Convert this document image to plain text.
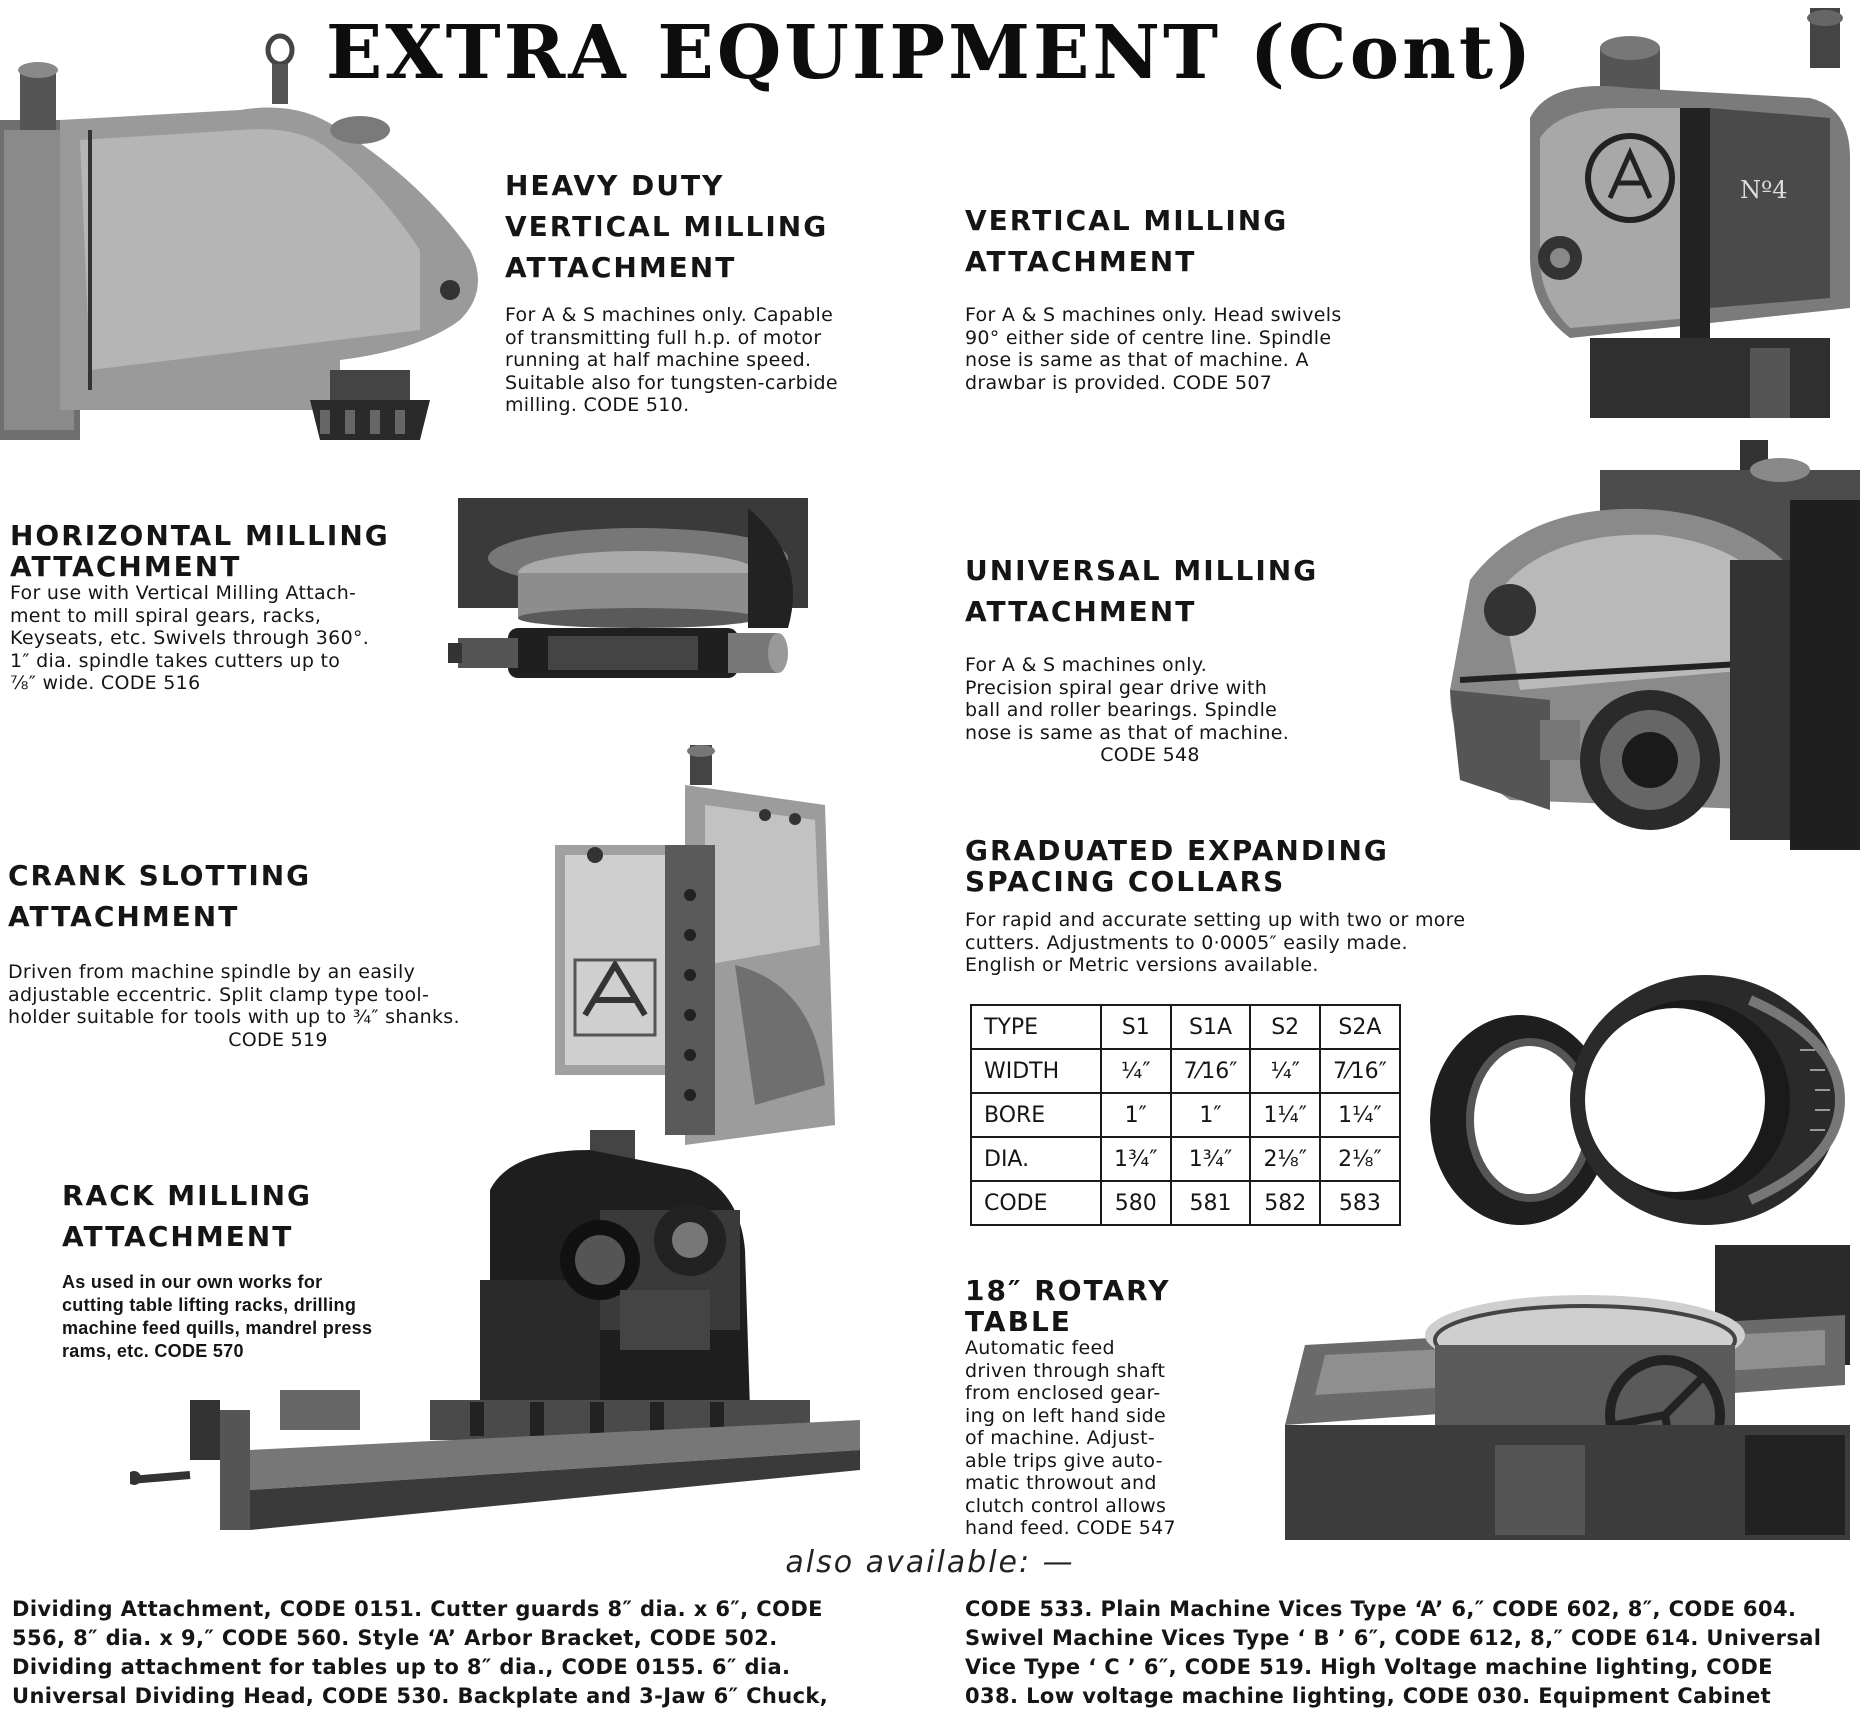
EXTRA EQUIPMENT (Cont)
Nº4
HEAVY DUTY
VERTICAL MILLING
ATTACHMENT
For A & S machines only. Capable
of transmitting full h.p. of motor
running at half machine speed.
Suitable also for tungsten-carbide
milling. CODE 510.
VERTICAL MILLING
ATTACHMENT
For A & S machines only. Head swivels
90° either side of centre line. Spindle
nose is same as that of machine. A
drawbar is provided. CODE 507
HORIZONTAL MILLING
ATTACHMENT
For use with Vertical Milling Attach-
ment to mill spiral gears, racks,
Keyseats, etc. Swivels through 360°.
1″ dia. spindle takes cutters up to
⅞″ wide. CODE 516
UNIVERSAL MILLING
ATTACHMENT
For A & S machines only.
Precision spiral gear drive with
ball and roller bearings. Spindle
nose is same as that of machine.
CODE 548
CRANK SLOTTING
ATTACHMENT
Driven from machine spindle by an easily
adjustable eccentric. Split clamp type tool-
holder suitable for tools with up to ¾″ shanks.
CODE 519
GRADUATED EXPANDING
SPACING COLLARS
For rapid and accurate setting up with two or more
cutters. Adjustments to 0·0005″ easily made.
English or Metric versions available.
TYPE	S1	S1A	S2	S2A
WIDTH	¼″	7⁄16″	¼″	7⁄16″
BORE	1″	1″	1¼″	1¼″
DIA.	1¾″	1¾″	2⅛″	2⅛″
CODE	580	581	582	583
RACK MILLING
ATTACHMENT
As used in our own works for
cutting table lifting racks, drilling
machine feed quills, mandrel press
rams, etc. CODE 570
18″ ROTARY
TABLE
Automatic feed
driven through shaft
from enclosed gear-
ing on left hand side
of machine. Adjust-
able trips give auto-
matic throwout and
clutch control allows
hand feed. CODE 547
also available: —
Dividing Attachment, CODE 0151. Cutter guards 8″ dia. x 6″, CODE
556, 8″ dia. x 9,″ CODE 560. Style ‘A’ Arbor Bracket, CODE 502.
Dividing attachment for tables up to 8″ dia., CODE 0155. 6″ dia.
Universal Dividing Head, CODE 530. Backplate and 3-Jaw 6″ Chuck,
CODE 533. Plain Machine Vices Type ‘A’ 6,″ CODE 602, 8″, CODE 604.
Swivel Machine Vices Type ‘ B ’ 6″, CODE 612, 8,″ CODE 614. Universal
Vice Type ‘ C ’ 6″, CODE 519. High Voltage machine lighting, CODE
038. Low voltage machine lighting, CODE 030. Equipment Cabinet
